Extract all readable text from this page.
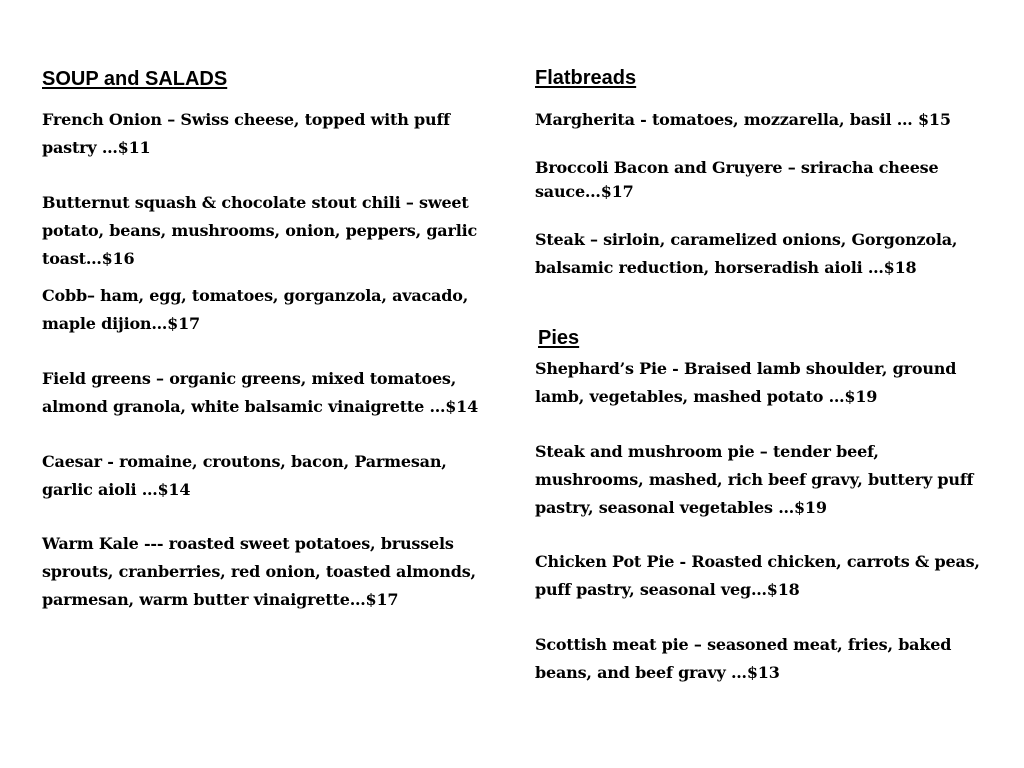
SOUP and SALADS

French Onion – Swiss cheese, topped with puff pastry …$11

Butternut squash & chocolate stout chili – sweet potato, beans, mushrooms, onion, peppers, garlic toast…$16

Cobb– ham, egg, tomatoes, gorganzola, avacado, maple dijion…$17

Field greens – organic greens, mixed tomatoes, almond granola, white balsamic vinaigrette …$14

Caesar - romaine, croutons, bacon, Parmesan, garlic aioli …$14

Warm Kale --- roasted sweet potatoes, brussels sprouts, cranberries, red onion, toasted almonds, parmesan, warm butter vinaigrette…$17

Flatbreads

Margherita - tomatoes, mozzarella, basil … $15

Broccoli Bacon and Gruyere – sriracha cheese sauce…$17

Steak – sirloin, caramelized onions, Gorgonzola, balsamic reduction, horseradish aioli …$18

Pies

Shephard’s Pie - Braised lamb shoulder, ground lamb, vegetables, mashed potato …$19

Steak and mushroom pie – tender beef, mushrooms, mashed, rich beef gravy, buttery puff pastry, seasonal vegetables …$19

Chicken Pot Pie - Roasted chicken, carrots & peas, puff pastry, seasonal veg…$18

Scottish meat pie – seasoned meat, fries, baked beans, and beef gravy …$13
